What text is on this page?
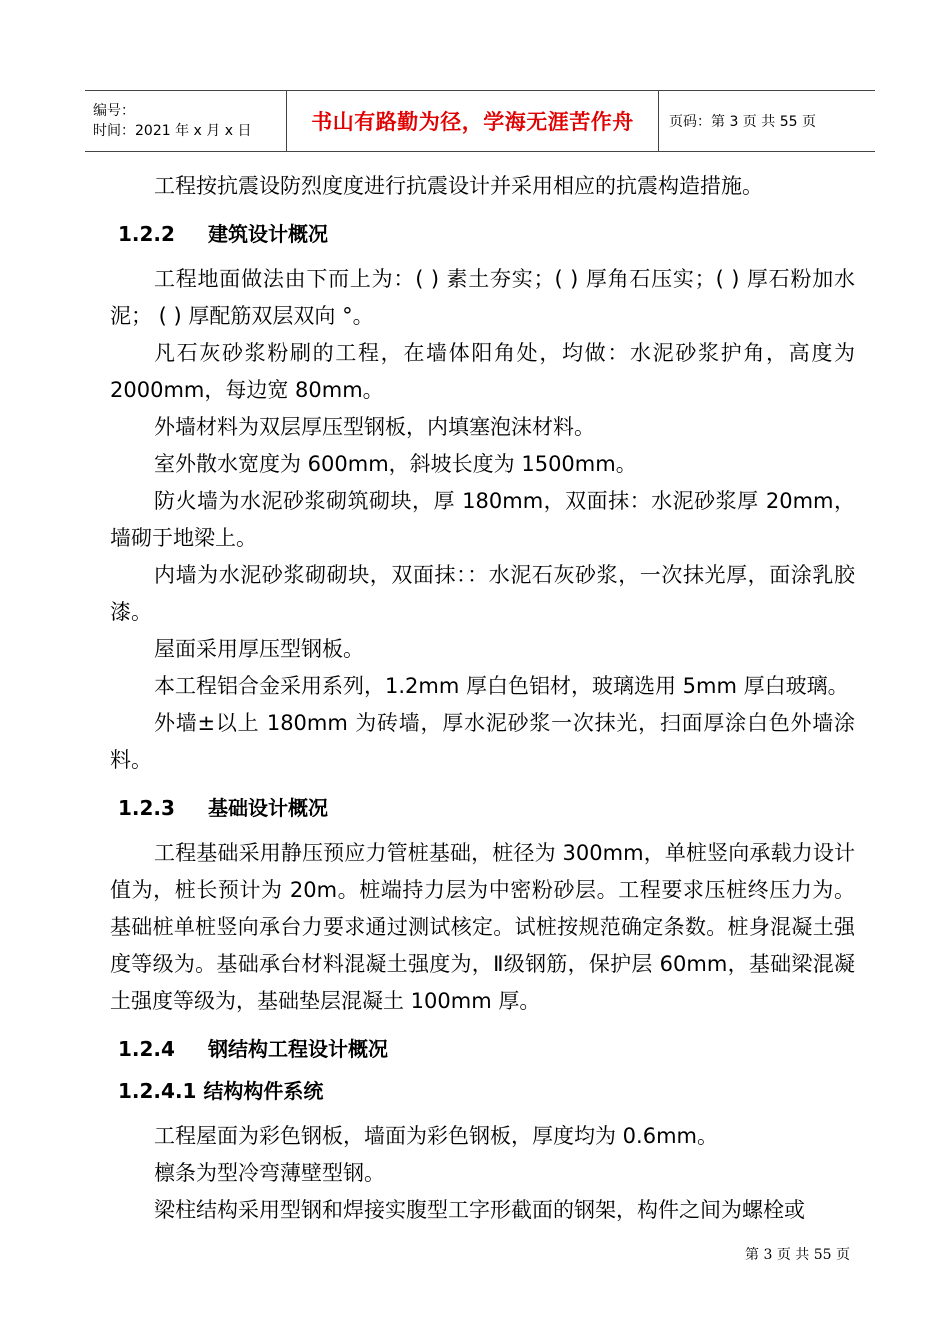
编号：
时间：2021 年 x 月 x 日	书山有路勤为径，学海无涯苦作舟	页码：第 3 页 共 55 页

工程按抗震设防烈度度进行抗震设计并采用相应的抗震构造措施。

1.2.2 建筑设计概况

工程地面做法由下而上为：( ) 素土夯实；( ) 厚角石压实；( ) 厚石粉加水泥； ( ) 厚配筋双层双向 °。

凡石灰砂浆粉刷的工程，在墙体阳角处，均做：水泥砂浆护角，高度为 2000mm，每边宽 80mm。

外墙材料为双层厚压型钢板，内填塞泡沫材料。

室外散水宽度为 600mm，斜坡长度为 1500mm。

防火墙为水泥砂浆砌筑砌块，厚 180mm，双面抹：水泥砂浆厚 20mm，墙砌于地梁上。

内墙为水泥砂浆砌砌块，双面抹：：水泥石灰砂浆，一次抹光厚，面涂乳胶漆。

屋面采用厚压型钢板。

本工程铝合金采用系列，1.2mm 厚白色铝材，玻璃选用 5mm 厚白玻璃。

外墙±以上 180mm 为砖墙，厚水泥砂浆一次抹光，扫面厚涂白色外墙涂料。

1.2.3 基础设计概况

工程基础采用静压预应力管桩基础，桩径为 300mm，单桩竖向承载力设计值为，桩长预计为 20m。桩端持力层为中密粉砂层。工程要求压桩终压力为。基础桩单桩竖向承台力要求通过测试核定。试桩按规范确定条数。桩身混凝土强度等级为。基础承台材料混凝土强度为，Ⅱ级钢筋，保护层 60mm，基础梁混凝土强度等级为，基础垫层混凝土 100mm 厚。

1.2.4 钢结构工程设计概况
1.2.4.1 结构构件系统

工程屋面为彩色钢板，墙面为彩色钢板，厚度均为 0.6mm。

檩条为型冷弯薄壁型钢。

梁柱结构采用型钢和焊接实腹型工字形截面的钢架，构件之间为螺栓或

第 3 页 共 55 页
